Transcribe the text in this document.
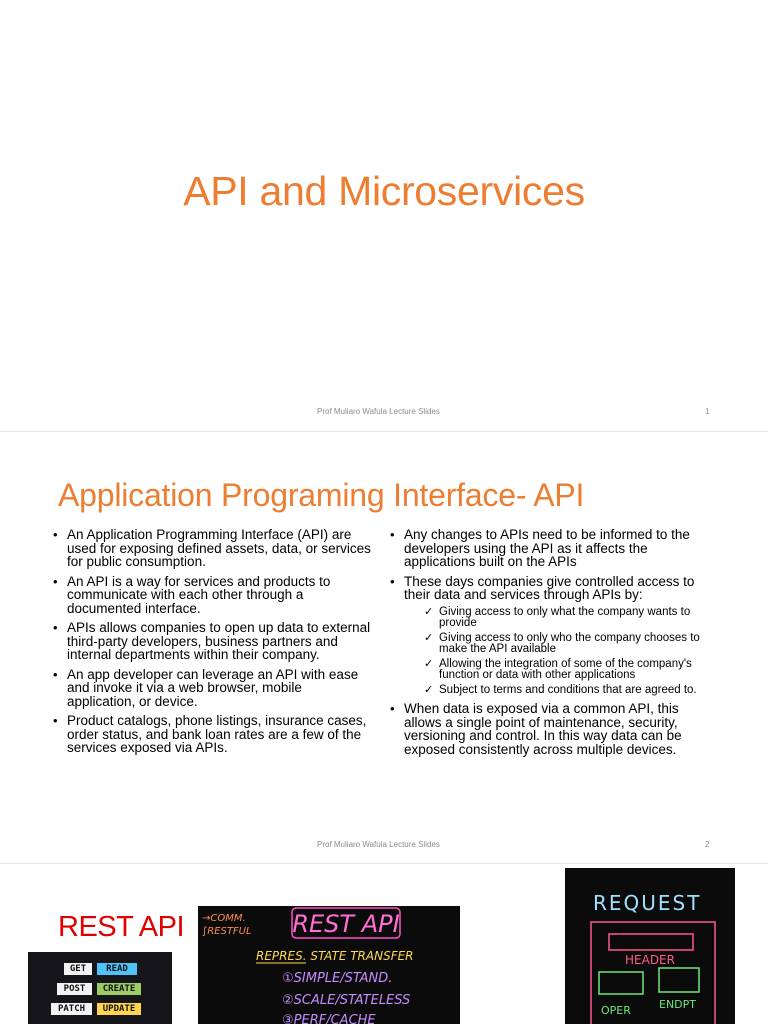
API and Microservices
Prof Muliaro Wafula Lecture Slides	1
Application Programing Interface- API
• An Application Programming Interface (API) are used for exposing defined assets, data, or services for public consumption.
• An API is a way for services and products to communicate with each other through a documented interface.
• APIs allows companies to open up data to external third-party developers, business partners and internal departments within their company.
• An app developer can leverage an API with ease and invoke it via a web browser, mobile application, or device.
• Product catalogs, phone listings, insurance cases, order status, and bank loan rates are a few of the services exposed via APIs.
• Any changes to APIs need to be informed to the developers using the API as it affects the applications built on the APIs
• These days companies give controlled access to their data and services through APIs by:
✓ Giving access to only what the company wants to provide
✓ Giving access to only who the company chooses to make the API available
✓ Allowing the integration of some of the company's function or data with other applications
✓ Subject to terms and conditions that are agreed to.
• When data is exposed via a common API, this allows a single point of maintenance, security, versioning and control. In this way data can be exposed consistently across multiple devices.
Prof Muliaro Wafula Lecture Slides	2
REST API
GET	READ
POST	CREATE
PATCH	UPDATE
REST API
→COMM.
∫RESTFUL
REPRES. STATE TRANSFER
①SIMPLE/STAND.
②SCALE/STATELESS
③PERF/CACHE
REQUEST
HEADER
OPER	ENDPT
